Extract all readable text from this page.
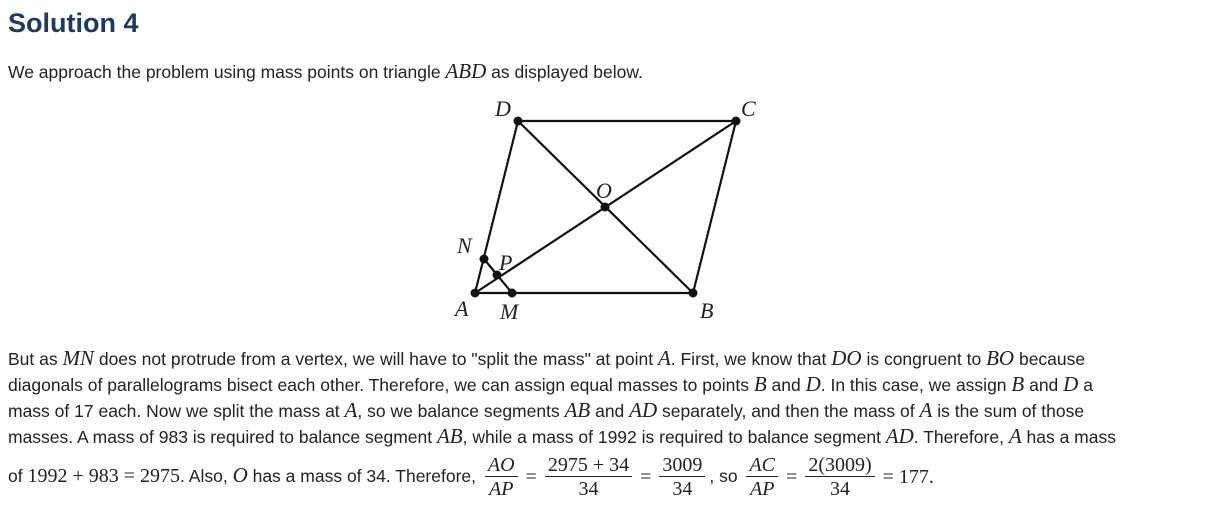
Solution 4

We approach the problem using mass points on triangle ABD as displayed below.

D	C
O
N
P
A M	B

But as MN does not protrude from a vertex, we will have to "split the mass" at point A. First, we know that DO is congruent to BO because

diagonals of parallelograms bisect each other. Therefore, we can assign equal masses to points B and D. In this case, we assign B and D a

mass of 17 each. Now we split the mass at A, so we balance segments AB and AD separately, and then the mass of A is the sum of those

masses. A mass of 983 is required to balance segment AB, while a mass of 1992 is required to balance segment AD. Therefore, A has a mass

of 1992 + 983 = 2975. Also, O has a mass of 34. Therefore, $\frac{AO}{AP} = \frac{2975 + 34}{34} = \frac{3009}{34}$ , so $\frac{AC}{AP} = \frac{2(3009)}{34} = 177$.
